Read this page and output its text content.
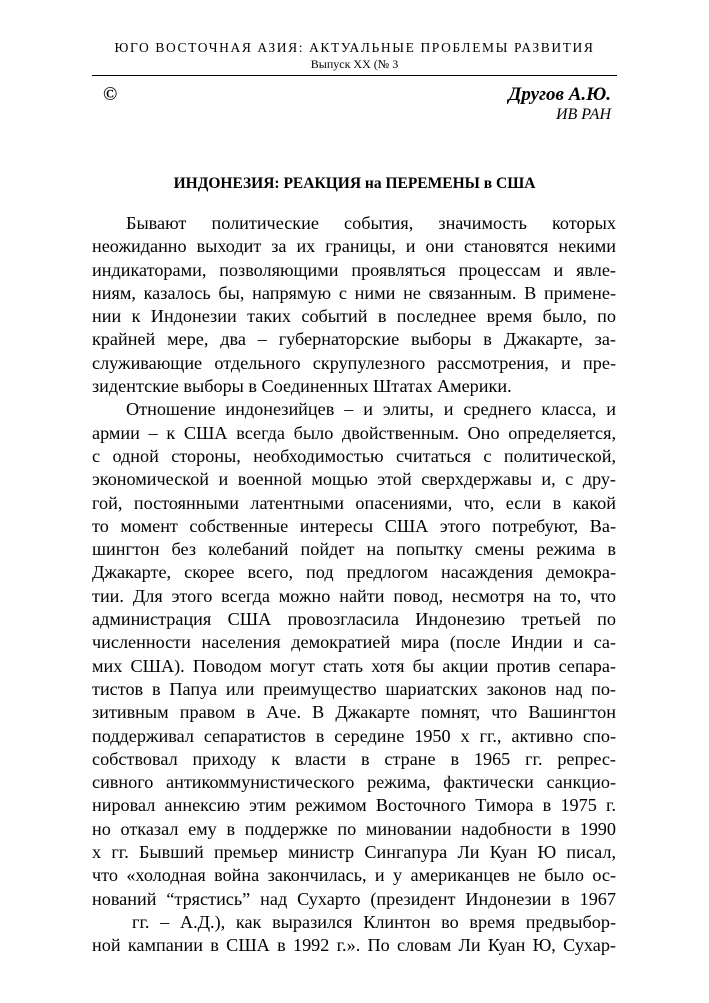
ЮГО ВОСТОЧНАЯ АЗИЯ: АКТУАЛЬНЫЕ ПРОБЛЕМЫ РАЗВИТИЯ
Выпуск XX (№ 3
©	Другов А.Ю.
ИВ РАН
ИНДОНЕЗИЯ: РЕАКЦИЯ на ПЕРЕМЕНЫ в США
Бывают политические события, значимость которых
неожиданно выходит за их границы, и они становятся некими
индикаторами, позволяющими проявляться процессам и явле-
ниям, казалось бы, напрямую с ними не связанным. В примене-
нии к Индонезии таких событий в последнее время было, по
крайней мере, два – губернаторские выборы в Джакарте, за-
служивающие отдельного скрупулезного рассмотрения, и пре-
зидентские выборы в Соединенных Штатах Америки.
Отношение индонезийцев – и элиты, и среднего класса, и
армии – к США всегда было двойственным. Оно определяется,
с одной стороны, необходимостью считаться с политической,
экономической и военной мощью этой сверхдержавы и, с дру-
гой, постоянными латентными опасениями, что, если в какой
то момент собственные интересы США этого потребуют, Ва-
шингтон без колебаний пойдет на попытку смены режима в
Джакарте, скорее всего, под предлогом насаждения демокра-
тии. Для этого всегда можно найти повод, несмотря на то, что
администрация США провозгласила Индонезию третьей по
численности населения демократией мира (после Индии и са-
мих США). Поводом могут стать хотя бы акции против сепара-
тистов в Папуа или преимущество шариатских законов над по-
зитивным правом в Аче. В Джакарте помнят, что Вашингтон
поддерживал сепаратистов в середине 1950 х гг., активно спо-
собствовал приходу к власти в стране в 1965 гг. репрес-
сивного антикоммунистического режима, фактически санкцио-
нировал аннексию этим режимом Восточного Тимора в 1975 г.
но отказал ему в поддержке по миновании надобности в 1990
х гг. Бывший премьер министр Сингапура Ли Куан Ю писал,
что «холодная война закончилась, и у американцев не было ос-
нований “трястись” над Сухарто (президент Индонезии в 1967
гг. – А.Д.), как выразился Клинтон во время предвыбор-
ной кампании в США в 1992 г.». По словам Ли Куан Ю, Сухар-
